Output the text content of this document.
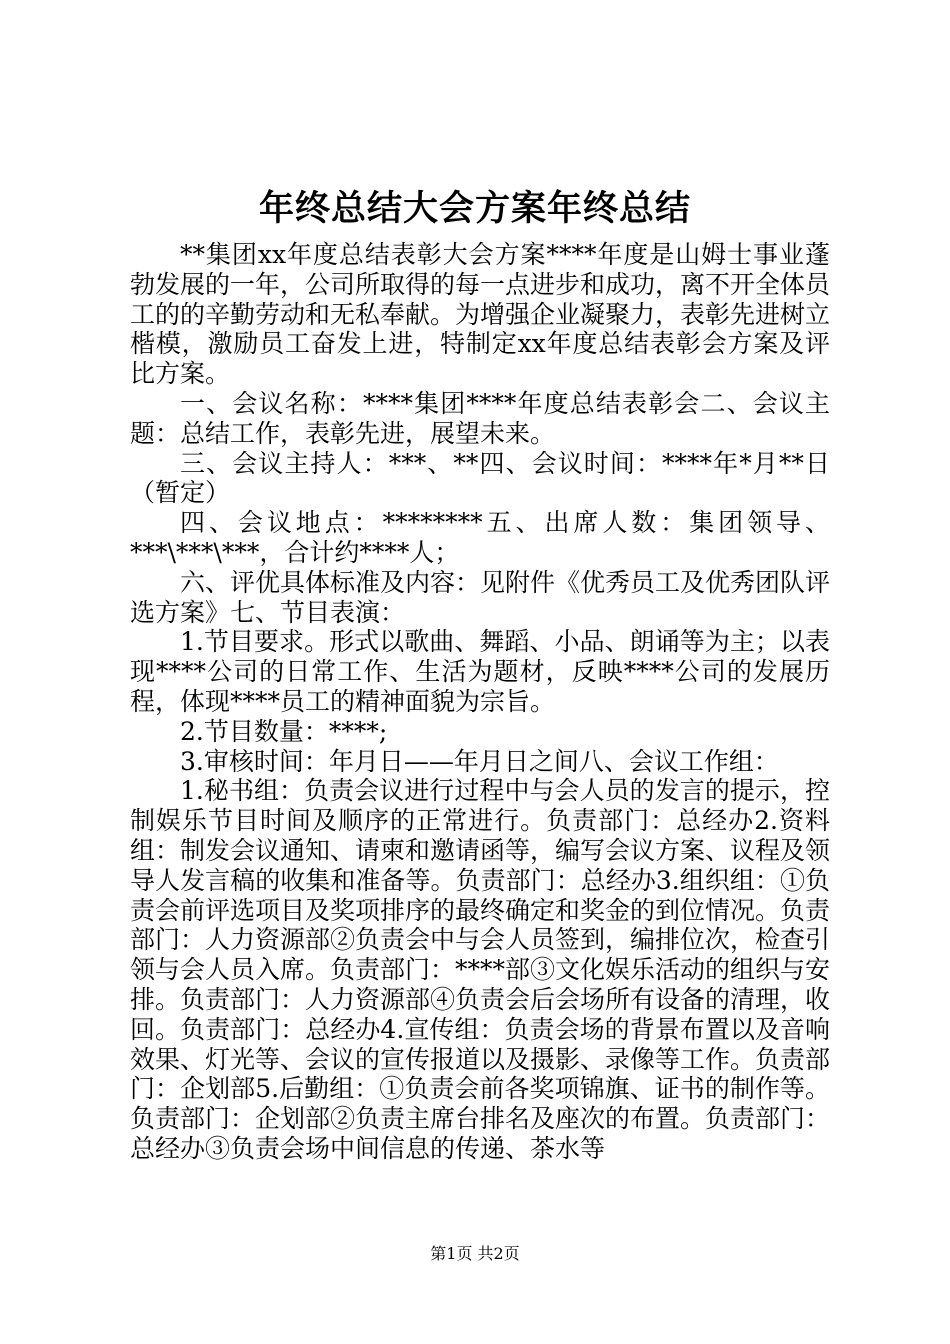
年终总结大会方案年终总结

**集团xx年度总结表彰大会方案****年度是山姆士事业蓬勃发展的一年，公司所取得的每一点进步和成功，离不开全体员工的的辛勤劳动和无私奉献。为增强企业凝聚力，表彰先进树立楷模，激励员工奋发上进，特制定xx年度总结表彰会方案及评比方案。

一、会议名称：****集团****年度总结表彰会二、会议主题：总结工作，表彰先进，展望未来。

三、会议主持人：***、**四、会议时间：****年*月**日（暂定）

四、会议地点：********五、出席人数：集团领导、***\***\***，合计约****人；

六、评优具体标准及内容：见附件《优秀员工及优秀团队评选方案》七、节目表演：

1.节目要求。形式以歌曲、舞蹈、小品、朗诵等为主；以表现****公司的日常工作、生活为题材，反映****公司的发展历程，体现****员工的精神面貌为宗旨。

2.节目数量：****;

3.审核时间：年月日——年月日之间八、会议工作组：

1.秘书组：负责会议进行过程中与会人员的发言的提示，控制娱乐节目时间及顺序的正常进行。负责部门：总经办2.资料组：制发会议通知、请柬和邀请函等，编写会议方案、议程及领导人发言稿的收集和准备等。负责部门：总经办3.组织组：①负责会前评选项目及奖项排序的最终确定和奖金的到位情况。负责部门：人力资源部②负责会中与会人员签到，编排位次，检查引领与会人员入席。负责部门：****部③文化娱乐活动的组织与安排。负责部门：人力资源部④负责会后会场所有设备的清理，收回。负责部门：总经办4.宣传组：负责会场的背景布置以及音响效果、灯光等、会议的宣传报道以及摄影、录像等工作。负责部门：企划部5.后勤组：①负责会前各奖项锦旗、证书的制作等。负责部门：企划部②负责主席台排名及座次的布置。负责部门：总经办③负责会场中间信息的传递、茶水等

第1页 共2页
